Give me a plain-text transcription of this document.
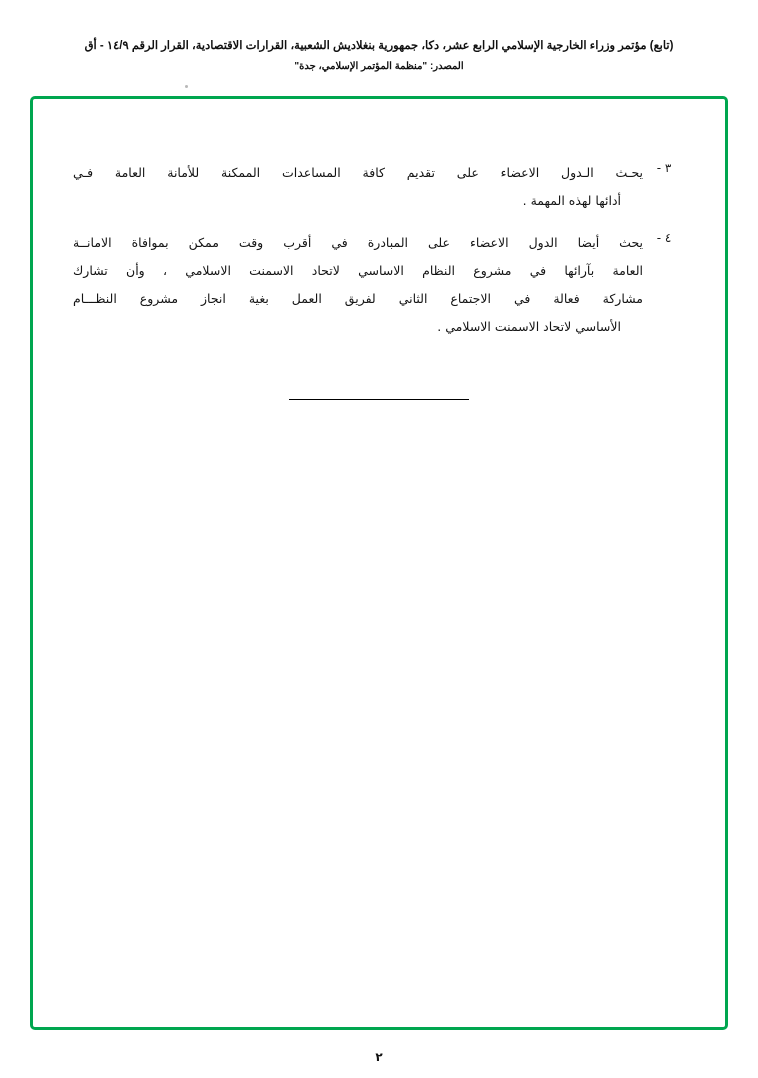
(تابع) مؤتمر وزراء الخارجية الإسلامي الرابع عشر، دكا، جمهورية بنغلاديش الشعبية، القرارات الاقتصادية، القرار الرقم ١٤/٩ - أق
المصدر: "منظمة المؤتمر الإسلامي، جدة"
٣ -
يحـث الـدول الاعضاء على تقديم كافة المساعدات الممكنة للأمانة العامة فـي
أدائها لهذه المهمة .
٤ -
يحث أيضا الدول الاعضاء على المبادرة في أقرب وقت ممكن بموافاة الامانــة
العامة بآرائها في مشروع النظام الاساسي لاتحاد الاسمنت الاسلامي ، وأن تشارك
مشاركة فعالة في الاجتماع الثاني لفريق العمل بغية انجاز مشروع النظـــام
الأساسي لاتحاد الاسمنت الاسلامي .
٢
